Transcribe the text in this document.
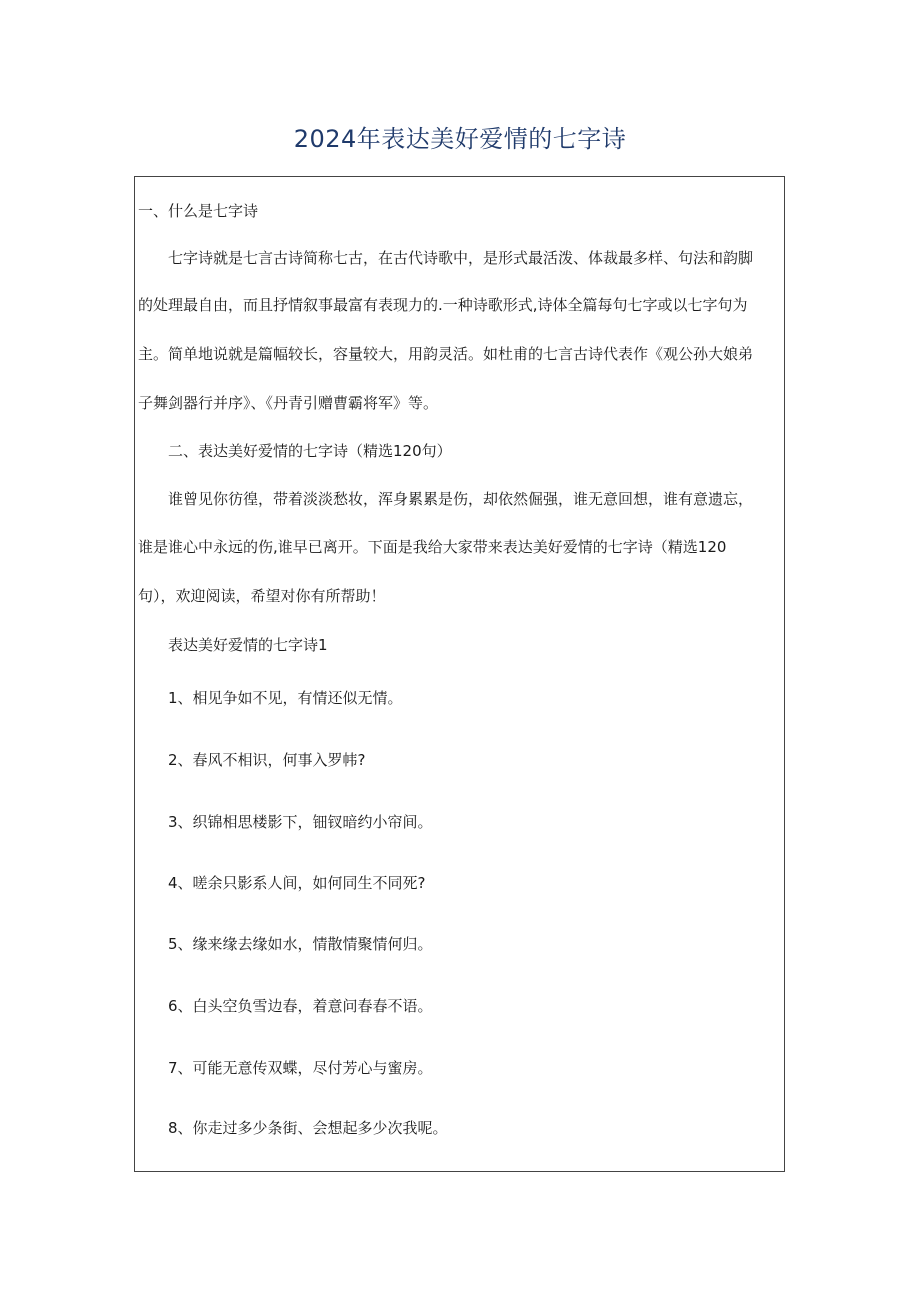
2024年表达美好爱情的七字诗
一、什么是七字诗
七字诗就是七言古诗简称七古，在古代诗歌中，是形式最活泼、体裁最多样、句法和韵脚
的处理最自由，而且抒情叙事最富有表现力的.一种诗歌形式,诗体全篇每句七字或以七字句为
主。简单地说就是篇幅较长，容量较大，用韵灵活。如杜甫的七言古诗代表作《观公孙大娘弟
子舞剑器行并序》、《丹青引赠曹霸将军》等。
二、表达美好爱情的七字诗（精选120句）
谁曾见你彷徨，带着淡淡愁妆，浑身累累是伤，却依然倔强，谁无意回想，谁有意遗忘，
谁是谁心中永远的伤,谁早已离开。下面是我给大家带来表达美好爱情的七字诗（精选120
句），欢迎阅读，希望对你有所帮助！
表达美好爱情的七字诗1
1、相见争如不见，有情还似无情。
2、春风不相识，何事入罗帏?
3、织锦相思楼影下，钿钗暗约小帘间。
4、嗟余只影系人间，如何同生不同死?
5、缘来缘去缘如水，情散情聚情何归。
6、白头空负雪边春，着意问春春不语。
7、可能无意传双蝶，尽付芳心与蜜房。
8、你走过多少条街、会想起多少次我呢。
